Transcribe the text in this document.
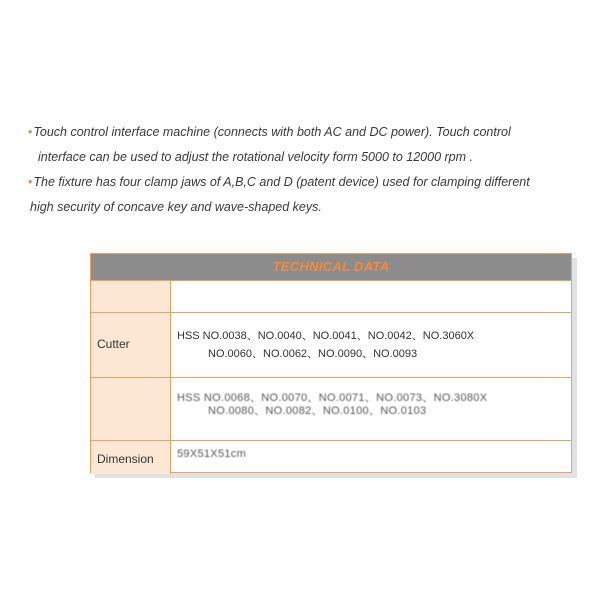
•Touch control interface machine (connects with both AC and DC power). Touch control
interface can be used to adjust the rotational velocity form 5000 to 12000 rpm .
•The fixture has four clamp jaws of A,B,C and D (patent device) used for clamping different
high security of concave key and wave-shaped keys.
TECHNICAL DATA
Cutter
HSS NO.0038、NO.0040、NO.0041、NO.0042、NO.3060X
NO.0060、NO.0062、NO.0090、NO.0093
HSS NO.0068、NO.0070、NO.0071、NO.0073、NO.3080X
NO.0080、NO.0082、NO.0100、NO.0103
Dimension 59X51X51cm
